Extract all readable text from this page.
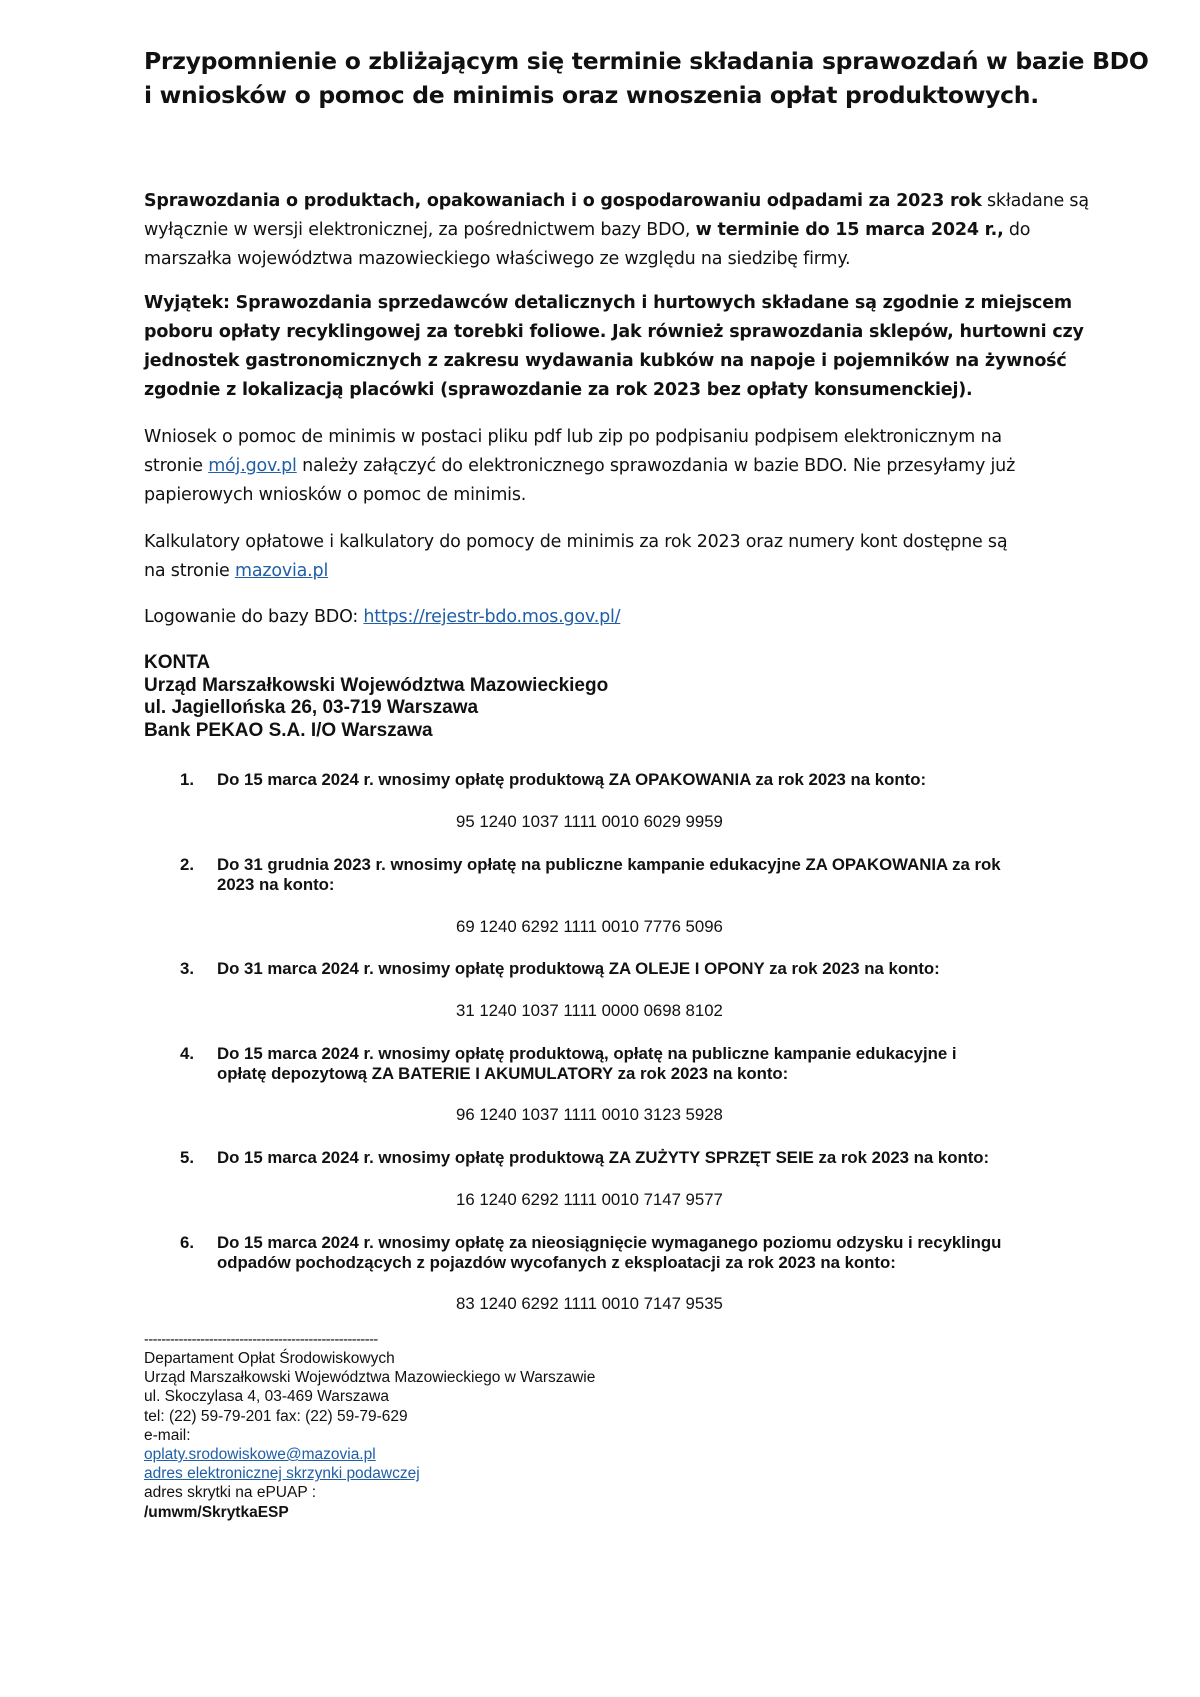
Przypomnienie o zbliżającym się terminie składania sprawozdań w bazie BDO
i wniosków o pomoc de minimis oraz wnoszenia opłat produktowych.

Sprawozdania o produktach, opakowaniach i o gospodarowaniu odpadami za 2023 rok składane są
wyłącznie w wersji elektronicznej, za pośrednictwem bazy BDO, w terminie do 15 marca 2024 r., do
marszałka województwa mazowieckiego właściwego ze względu na siedzibę firmy.

Wyjątek: Sprawozdania sprzedawców detalicznych i hurtowych składane są zgodnie z miejscem
poboru opłaty recyklingowej za torebki foliowe. Jak również sprawozdania sklepów, hurtowni czy
jednostek gastronomicznych z zakresu wydawania kubków na napoje i pojemników na żywność
zgodnie z lokalizacją placówki (sprawozdanie za rok 2023 bez opłaty konsumenckiej).

Wniosek o pomoc de minimis w postaci pliku pdf lub zip po podpisaniu podpisem elektronicznym na
stronie mój.gov.pl należy załączyć do elektronicznego sprawozdania w bazie BDO. Nie przesyłamy już
papierowych wniosków o pomoc de minimis.

Kalkulatory opłatowe i kalkulatory do pomocy de minimis za rok 2023 oraz numery kont dostępne są
na stronie mazovia.pl

Logowanie do bazy BDO: https://rejestr-bdo.mos.gov.pl/

KONTA
Urząd Marszałkowski Województwa Mazowieckiego
ul. Jagiellońska 26, 03-719 Warszawa
Bank PEKAO S.A. I/O Warszawa
1.	Do 15 marca 2024 r. wnosimy opłatę produktową ZA OPAKOWANIA za rok 2023 na konto:
95 1240 1037 1111 0010 6029 9959
2.	Do 31 grudnia 2023 r. wnosimy opłatę na publiczne kampanie edukacyjne ZA OPAKOWANIA za rok
2023 na konto:
69 1240 6292 1111 0010 7776 5096
3.	Do 31 marca 2024 r. wnosimy opłatę produktową ZA OLEJE I OPONY za rok 2023 na konto:
31 1240 1037 1111 0000 0698 8102
4.	Do 15 marca 2024 r. wnosimy opłatę produktową, opłatę na publiczne kampanie edukacyjne i
opłatę depozytową ZA BATERIE I AKUMULATORY za rok 2023 na konto:
96 1240 1037 1111 0010 3123 5928
5.	Do 15 marca 2024 r. wnosimy opłatę produktową ZA ZUŻYTY SPRZĘT SEIE za rok 2023 na konto:
16 1240 6292 1111 0010 7147 9577
6.	Do 15 marca 2024 r. wnosimy opłatę za nieosiągnięcie wymaganego poziomu odzysku i recyklingu
odpadów pochodzących z pojazdów wycofanych z eksploatacji za rok 2023 na konto:
83 1240 6292 1111 0010 7147 9535
------------------------------------------------------
Departament Opłat Środowiskowych
Urząd Marszałkowski Województwa Mazowieckiego w Warszawie
ul. Skoczylasa 4, 03-469 Warszawa
tel: (22) 59-79-201 fax: (22) 59-79-629
e-mail:
oplaty.srodowiskowe@mazovia.pl
adres elektronicznej skrzynki podawczej
adres skrytki na ePUAP :
/umwm/SkrytkaESP
